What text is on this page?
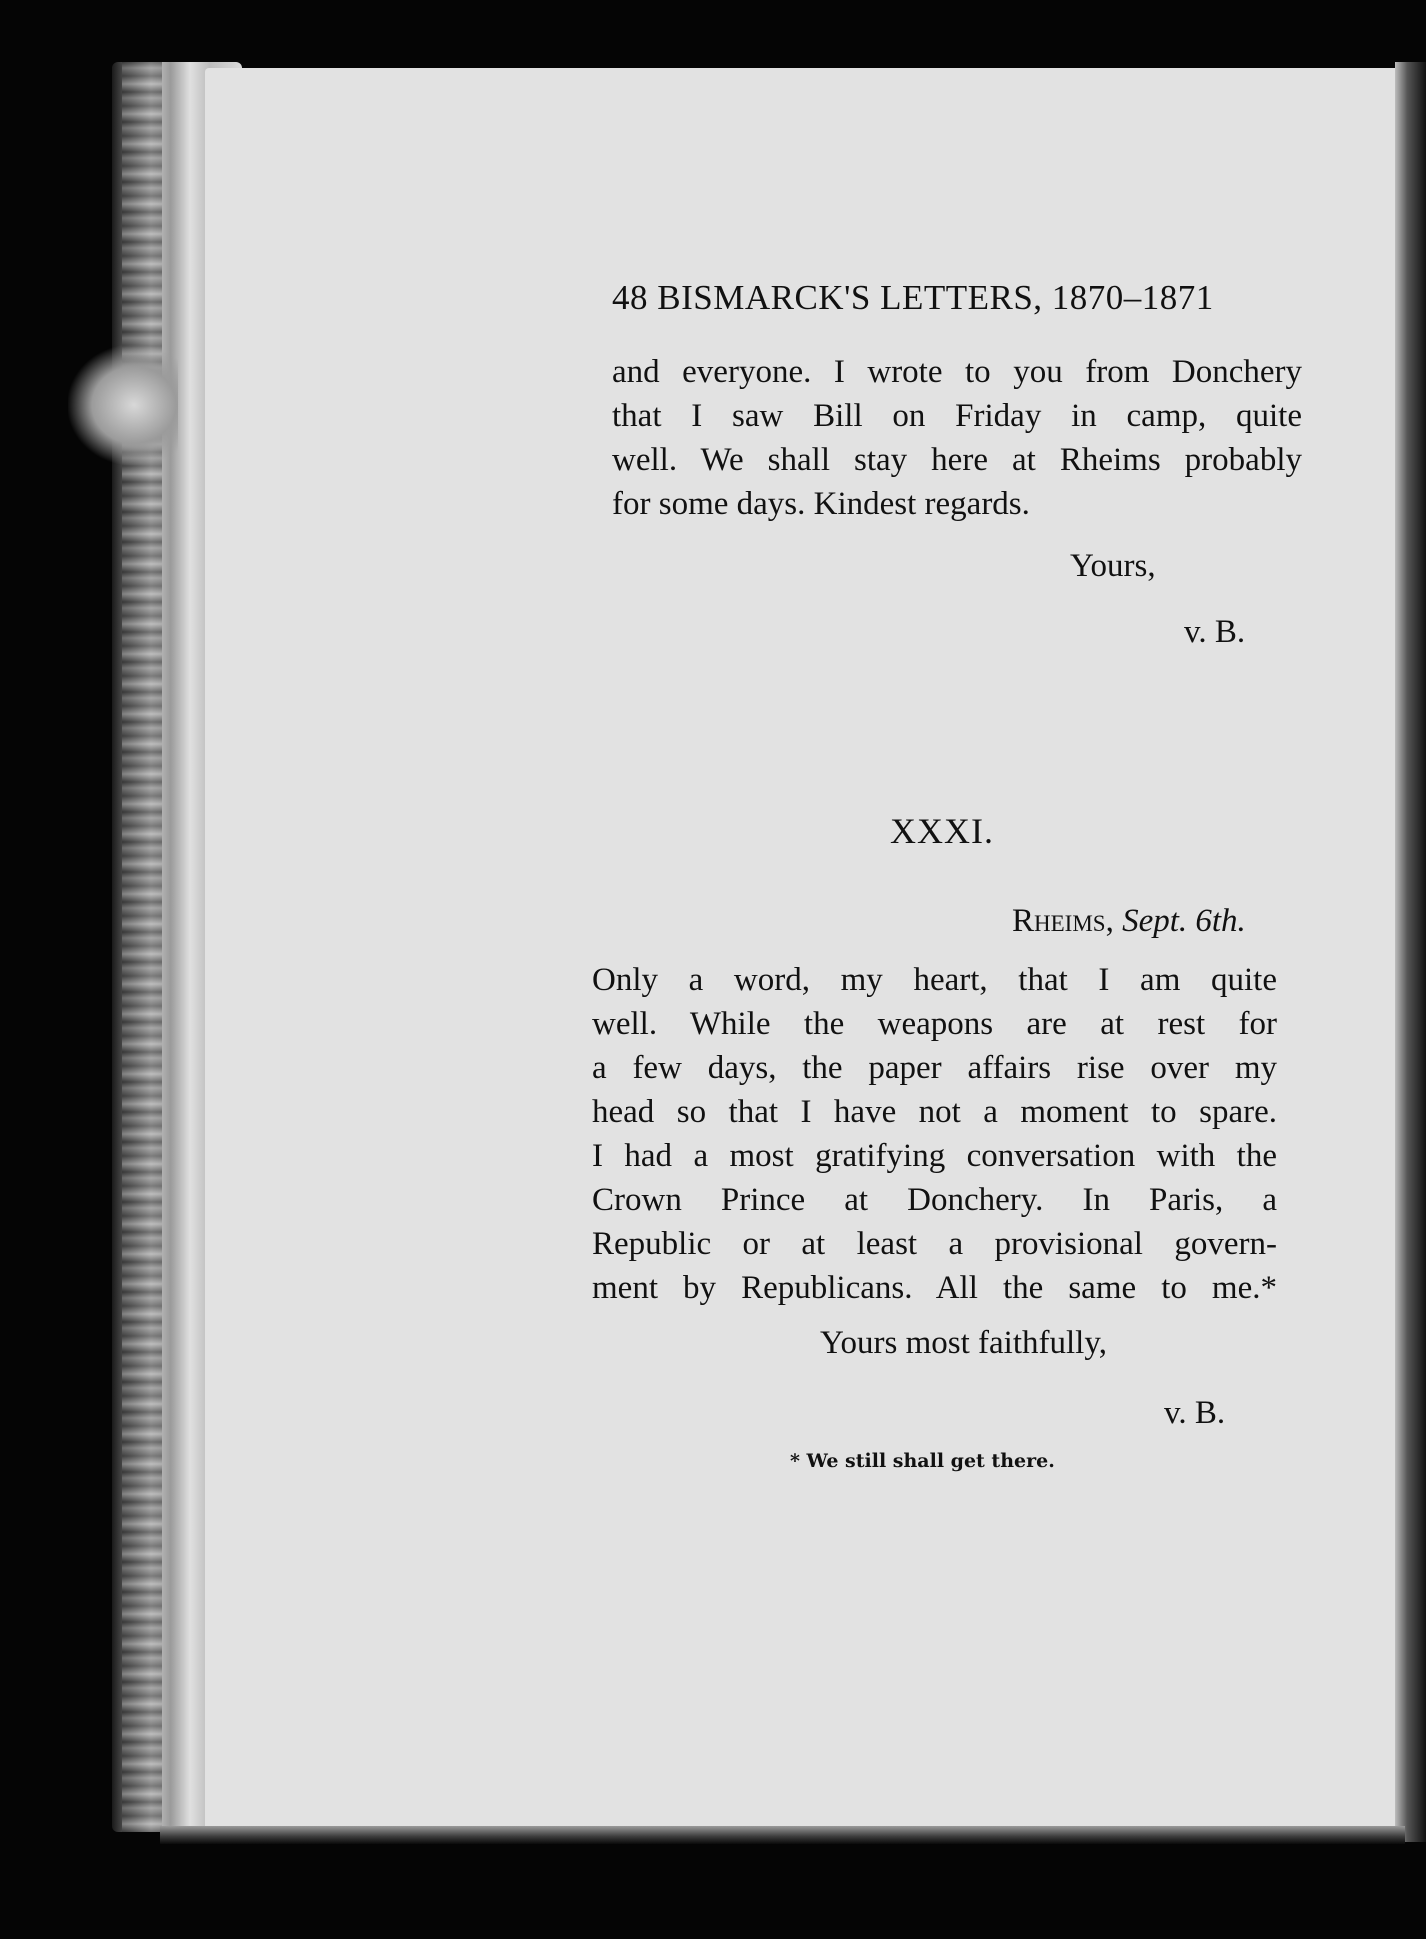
48 BISMARCK'S LETTERS, 1870–1871
and everyone. I wrote to you from Donchery
that I saw Bill on Friday in camp, quite
well. We shall stay here at Rheims probably
for some days. Kindest regards.
Yours,
v. B.
XXXI.
Rheims, Sept. 6th.
Only a word, my heart, that I am quite
well. While the weapons are at rest for
a few days, the paper affairs rise over my
head so that I have not a moment to spare.
I had a most gratifying conversation with the
Crown Prince at Donchery. In Paris, a
Republic or at least a provisional govern-
ment by Republicans. All the same to me.*
Yours most faithfully,
v. B.
* We still shall get there.
